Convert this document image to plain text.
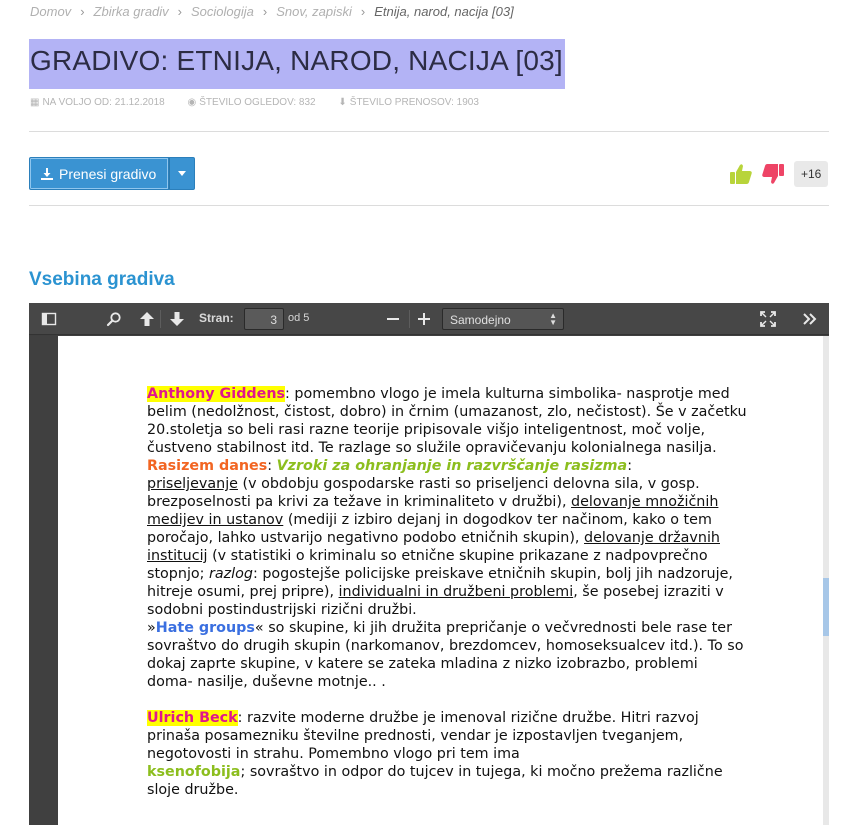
Domov › Zbirka gradiv › Sociologija › Snov, zapiski › Etnija, narod, nacija [03]
GRADIVO: ETNIJA, NAROD, NACIJA [03]
▦ NA VOLJO OD: 21.12.2018 ◉ ŠTEVILO OGLEDOV: 832 ⬇ ŠTEVILO PRENOSOV: 1903
Prenesi gradivo	+16
Vsebina gradiva
Stran:	3	od 5	Samodejno	▲
▼

Anthony Giddens: pomembno vlogo je imela kulturna simbolika- nasprotje med belim (nedolžnost, čistost, dobro) in črnim (umazanost, zlo, nečistost). Še v začetku 20.stoletja so beli rasi razne teorije pripisovale višjo inteligentnost, moč volje, čustveno stabilnost itd. Te razlage so služile opravičevanju kolonialnega nasilja.

Rasizem danes: Vzroki za ohranjanje in razvrščanje rasizma:

priseljevanje (v obdobju gospodarske rasti so priseljenci delovna sila, v gosp. brezposelnosti pa krivi za težave in kriminaliteto v družbi), delovanje množičnih medijev in ustanov (mediji z izbiro dejanj in dogodkov ter načinom, kako o tem poročajo, lahko ustvarijo negativno podobo etničnih skupin), delovanje državnih institucij (v statistiki o kriminalu so etnične skupine prikazane z nadpovprečno stopnjo; razlog: pogostejše policijske preiskave etničnih skupin, bolj jih nadzoruje, hitreje osumi, prej pripre), individualni in družbeni problemi, še posebej izraziti v sodobni postindustrijski rizični družbi.

»Hate groups« so skupine, ki jih družita prepričanje o večvrednosti bele rase ter sovraštvo do drugih skupin (narkomanov, brezdomcev, homoseksualcev itd.). To so dokaj zaprte skupine, v katere se zateka mladina z nizko izobrazbo, problemi doma- nasilje, duševne motnje.. .

Ulrich Beck: razvite moderne družbe je imenoval rizične družbe. Hitri razvoj prinaša posamezniku številne prednosti, vendar je izpostavljen tveganjem, negotovosti in strahu. Pomembno vlogo pri tem ima

ksenofobija; sovraštvo in odpor do tujcev in tujega, ki močno prežema različne sloje družbe.
